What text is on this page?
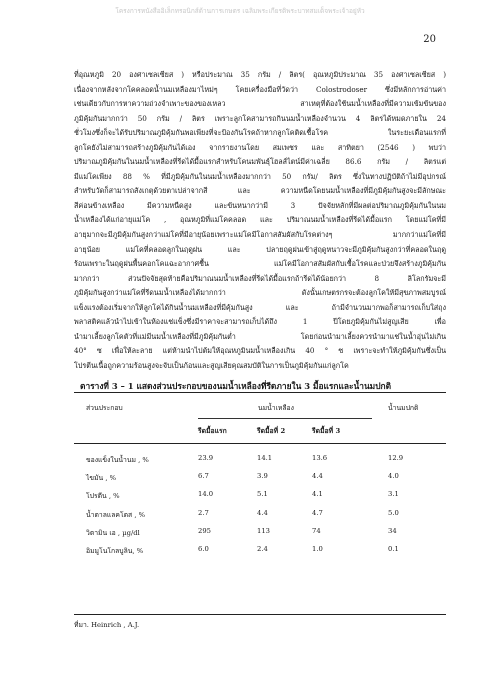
โครงการหนังสืออิเล็กทรอนิกส์ด้านการเกษตร เฉลิมพระเกียรติพระบาทสมเด็จพระเจ้าอยู่หัว
20
ที่อุณหภูมิ 20 องศาเซลเซียส ) หรือประมาณ 35 กรัม / ลิตร( อุณหภูมิประมาณ 35 องศาเซลเซียส )
เนื่องจากหลังจากโคคลอดน้ำนมเหลืองมาไหม่ๆ โคยเครื่องมือที่วัดว่า Colostrodoser ซึ่งมีหลักการอ่านค่า
เช่นเดียวกับการหาความถ่วงจำเพาะของของเหลว สาเหตุที่ต้องใช้นมน้ำเหลืองที่มีความเข้มข้นของ
ภูมิคุ้มกันมากกว่า 50 กรัม / ลิตร เพราะลูกโคสามารถกินนมน้ำเหลืองจำนวน 4 ลิตรได้หมดภายใน 24
ชั่วโมงซึ่งก็จะได้รับปริมาณภูมิคุ้มกันพอเพียงที่จะป้องกันโรคถ้าหากลูกโคติดเชื้อโรค ในระยะเดือนแรกที่
ลูกโคยังไม่สามารถสร้างภูมิคุ้มกันได้เอง จากรายงานโดย สมเพชร และ สาทิตยา (2546 ) พบว่า
ปริมาณภูมิคุ้มกันในนมน้ำเหลืองที่รีดได้มื้อแรกสำหรับโคนมพันธุ์โฮลส์ไตน์มีค่าเฉลี่ย 86.6 กรัม / ลิตรแต่
มีแม่โคเพียง 88 % ที่มีภูมิคุ้มกันในนมน้ำเหลืองมากกว่า 50 กรัม/ ลิตร ซึ่งในทางปฏิบัติถ้าไม่มีอุปกรณ์
สำหรับวัดก็สามารถสังเกตุด้วยตาเปล่าจากสี และ ความหนืดโดยนมน้ำเหลืองที่มีภูมิคุ้มกันสูงจะมีลักษณะ
สีค่อนข้างเหลือง มีความหนืดสูง และข้นหนากว่ามี 3 ปัจจัยหลักที่มีผลต่อปริมาณภูมิคุ้มกันในนม
น้ำเหลืองได้แก่อายุแม่โค , อุณหภูมิที่แม่โคคลอด และ ปริมาณนมน้ำเหลืองที่รีดได้มื้อแรก โดยแม่โคที่มี
อายุมากจะมีภูมิคุ้มกันสูงกว่าแม่โคที่มีอายุน้อยเพราะแม่โคมีโอกาสสัมผัสกับโรคต่างๆ มากกว่าแม่โคที่มี
อายุน้อย แม่โคที่คลอดลูกในฤดูฝน และ ปลายฤดูฝนเข้าสู่ฤดูหนาวจะมีภูมิคุ้มกันสูงกว่าที่คลอดในฤดู
ร้อนเพราะในฤดูฝนพื้นคอกโคแฉะอากาศชื้น แม่โคมีโอกาสสัมผัสกับเชื้อโรคและป่วยจึงสร้างภูมิคุ้มกัน
มากกว่า ส่วนปัจจัยสุดท้ายคือปริมาณนมน้ำเหลืองที่รีดได้มื้อแรกถ้ารีดได้น้อยกว่า 8 ลิโลกรัมจะมี
ภูมิคุ้มกันสูงกว่าแม่โคที่รีดนมน้ำเหลืองได้มากกว่า ดังนั้นเกษตรกรจะต้องลูกโคให้มีสุขภาพสมบูรณ์
แข็งแรงต้องเริ่มจากให้ลูกโคได้กินน้ำนมเหลืองที่มีคุ้มกันสูง และ ถ้ามีจำนวนมากพอก็สามารถเก็บใส่ถุง
พลาสติคแล้วนำไปเข้าในห้องแช่แข็งซึ่งมีราคาจะสามารถเก็บได้ถึง 1 ปีโดยภูมิคุ้มกันไม่สูญเสีย เพื่อ
นำมาเลี้ยงลูกโคตัวที่แม่มีนมน้ำเหลืองที่มีภูมิคุ้มกันต่ำ โดยก่อนนำมาเลี้ยงควรนำมาแช่ในน้ำอุ่นไม่เกิน
40° ซ เพื่อให้ละลาย แต่ห้ามนำไปต้มให้อุณหภูมินมน้ำเหลืองเกิน 40 ° ซ เพราะจะทำให้ภูมิคุ้มกันซึ่งเป็น
โปรตีนเนื้อถูกความร้อนสูงจะจับเป็นก้อนและสูญเสียคุณสมบัติในการเป็นภูมิคุ้มกันแก่ลูกโค
ตารางที่ 3 – 1 แสดงส่วนประกอบของนมน้ำเหลืองที่รีดภายใน 3 มื้อแรกและน้ำนมปกติ
ส่วนประกอบ	นมน้ำเหลือง	น้ำนมปกติ
รีดมื้อแรก	รีดมื้อที่ 2	รีดมื้อที่ 3
ของแข็งในน้ำนม , %	23.9	14.1	13.6	12.9
ไขมัน , %	6.7	3.9	4.4	4.0
โปรตีน , %	14.0	5.1	4.1	3.1
น้ำตาลแลคโตส , %	2.7	4.4	4.7	5.0
วิตามิน เอ , µg/dl	295	113	74	34
อิมมูโนโกลบูลิน, %	6.0	2.4	1.0	0.1
ที่มา. Heinrich , A.J.
